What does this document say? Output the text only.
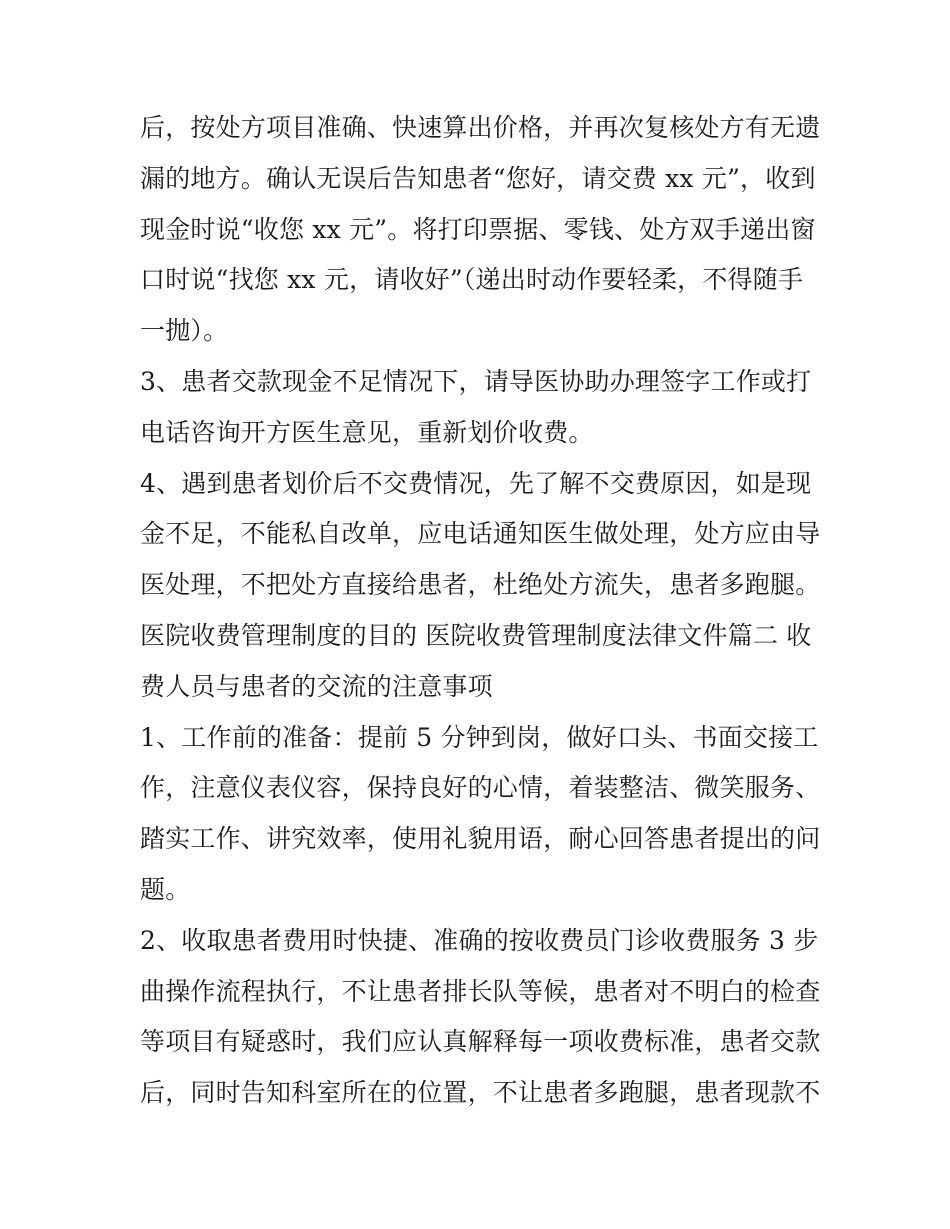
后，按处方项目准确、快速算出价格，并再次复核处方有无遗
漏的地方。确认无误后告知患者“您好，请交费 xx 元”，收到
现金时说“收您 xx 元”。将打印票据、零钱、处方双手递出窗
口时说“找您 xx 元，请收好”（递出时动作要轻柔，不得随手
一抛）。
3、患者交款现金不足情况下，请导医协助办理签字工作或打
电话咨询开方医生意见，重新划价收费。
4、遇到患者划价后不交费情况，先了解不交费原因，如是现
金不足，不能私自改单，应电话通知医生做处理，处方应由导
医处理，不把处方直接给患者，杜绝处方流失，患者多跑腿。
医院收费管理制度的目的 医院收费管理制度法律文件篇二 收
费人员与患者的交流的注意事项
1、工作前的准备：提前 5 分钟到岗，做好口头、书面交接工
作，注意仪表仪容，保持良好的心情，着装整洁、微笑服务、
踏实工作、讲究效率，使用礼貌用语，耐心回答患者提出的问
题。
2、收取患者费用时快捷、准确的按收费员门诊收费服务 3 步
曲操作流程执行，不让患者排长队等候，患者对不明白的检查
等项目有疑惑时，我们应认真解释每一项收费标准，患者交款
后，同时告知科室所在的位置，不让患者多跑腿，患者现款不
